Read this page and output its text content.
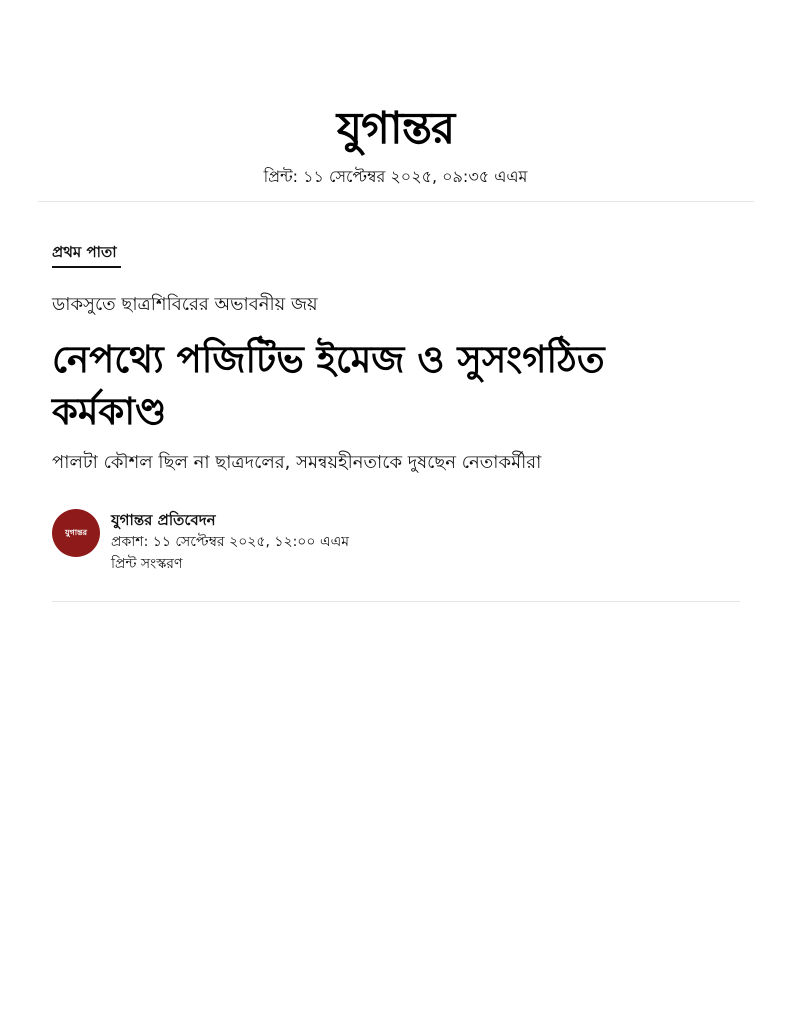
যুগান্তর
প্রিন্ট: ১১ সেপ্টেম্বর ২০২৫, ০৯:৩৫ এএম
প্রথম পাতা
ডাকসুতে ছাত্রশিবিরের অভাবনীয় জয়
নেপথ্যে পজিটিভ ইমেজ ও সুসংগঠিত কর্মকাণ্ড
পালটা কৌশল ছিল না ছাত্রদলের, সমন্বয়হীনতাকে দুষছেন নেতাকর্মীরা
যুগান্তর
যুগান্তর প্রতিবেদন
প্রকাশ: ১১ সেপ্টেম্বর ২০২৫, ১২:০০ এএম
প্রিন্ট সংস্করণ
